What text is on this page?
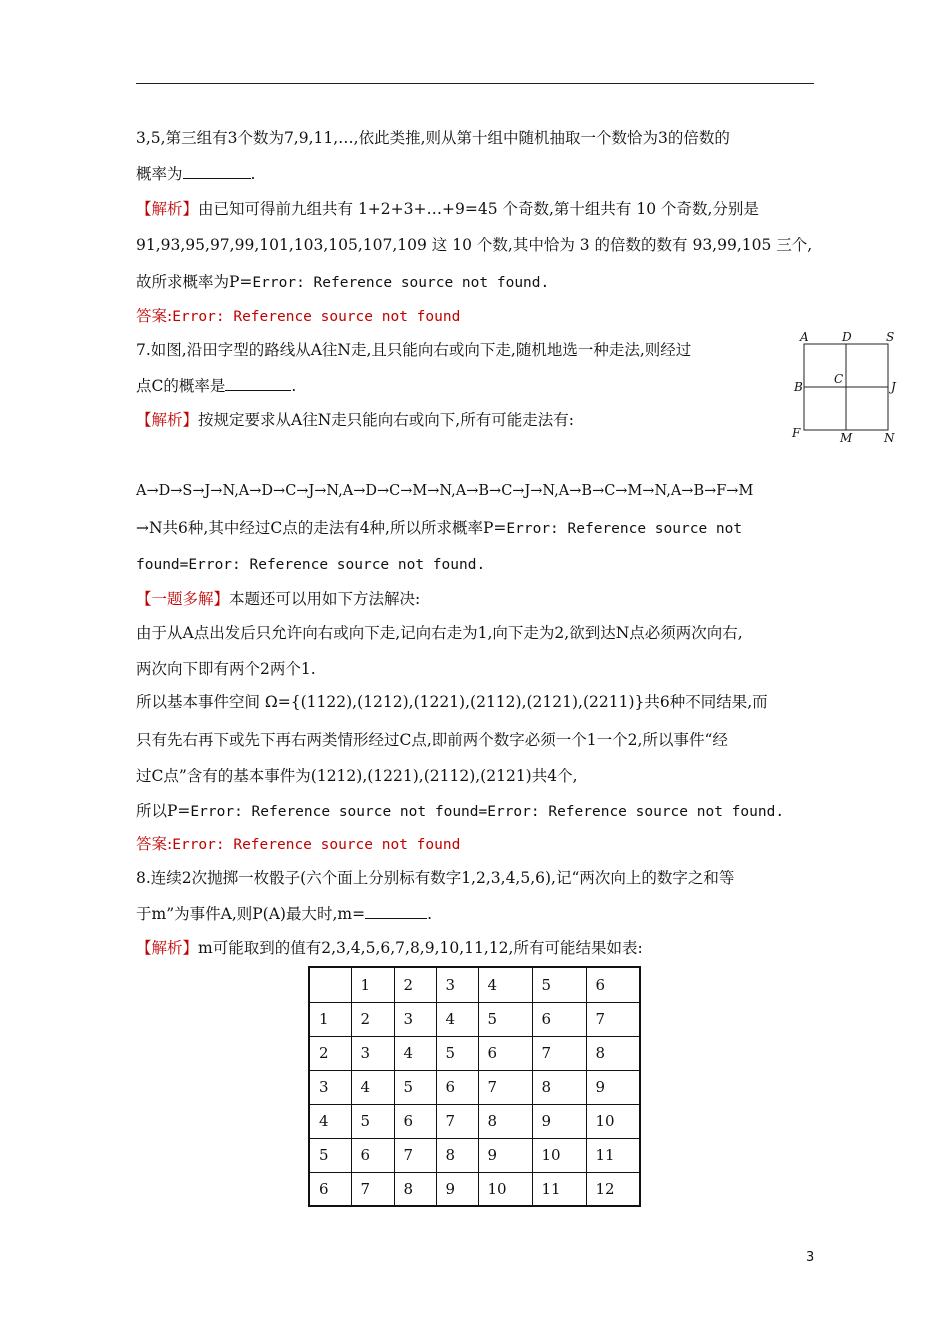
3,5,第三组有3个数为7,9,11,…,依此类推,则从第十组中随机抽取一个数恰为3的倍数的
概率为	.
【解析】由已知可得前九组共有 1+2+3+…+9=45 个奇数,第十组共有 10 个奇数,分别是
91,93,95,97,99,101,103,105,107,109 这 10 个数,其中恰为 3 的倍数的数有 93,99,105 三个,
故所求概率为P=Error: Reference source not found.
答案:Error: Reference source not found
7.如图,沿田字型的路线从A往N走,且只能向右或向下走,随机地选一种走法,则经过
点C的概率是	.
【解析】按规定要求从A往N走只能向右或向下,所有可能走法有:
A	D	S
B
C
J
F	M	N
A→D→S→J→N,A→D→C→J→N,A→D→C→M→N,A→B→C→J→N,A→B→C→M→N,A→B→F→M
→N共6种,其中经过C点的走法有4种,所以所求概率P=Error: Reference source not
found=Error: Reference source not found.
【一题多解】本题还可以用如下方法解决:
由于从A点出发后只允许向右或向下走,记向右走为1,向下走为2,欲到达N点必须两次向右,
两次向下即有两个2两个1.
所以基本事件空间 Ω={(1122),(1212),(1221),(2112),(2121),(2211)}共6种不同结果,而
只有先右再下或先下再右两类情形经过C点,即前两个数字必须一个1一个2,所以事件“经
过C点”含有的基本事件为(1212),(1221),(2112),(2121)共4个,
所以P=Error: Reference source not found=Error: Reference source not found.
答案:Error: Reference source not found
8.连续2次抛掷一枚骰子(六个面上分别标有数字1,2,3,4,5,6),记“两次向上的数字之和等
于m”为事件A,则P(A)最大时,m=	.
【解析】m可能取到的值有2,3,4,5,6,7,8,9,10,11,12,所有可能结果如表:
	1	2	3	4	5	6
1	2	3	4	5	6	7
2	3	4	5	6	7	8
3	4	5	6	7	8	9
4	5	6	7	8	9	10
5	6	7	8	9	10	11
6	7	8	9	10	11	12
3
